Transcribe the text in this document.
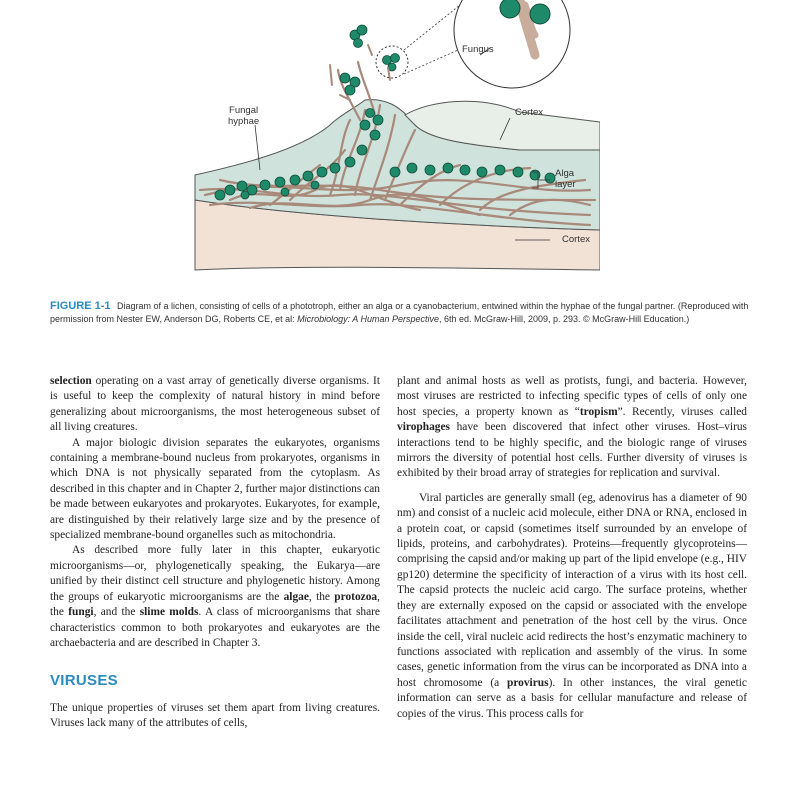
Fungus
Fungal
hyphae
Cortex
Alga
layer
Cortex
FIGURE 1-1 Diagram of a lichen, consisting of cells of a phototroph, either an alga or a cyanobacterium, entwined within the hyphae of the fungal partner. (Reproduced with permission from Nester EW, Anderson DG, Roberts CE, et al: Microbiology: A Human Perspective, 6th ed. McGraw-Hill, 2009, p. 293. © McGraw-Hill Education.)

selection operating on a vast array of genetically diverse organisms. It is useful to keep the complexity of natural history in mind before generalizing about microorganisms, the most heterogeneous subset of all living creatures.

A major biologic division separates the eukaryotes, organisms containing a membrane-bound nucleus from prokaryotes, organisms in which DNA is not physically separated from the cytoplasm. As described in this chapter and in Chapter 2, further major distinctions can be made between eukaryotes and prokaryotes. Eukaryotes, for example, are distinguished by their relatively large size and by the presence of specialized membrane-bound organelles such as mitochondria.

As described more fully later in this chapter, eukaryotic microorganisms—or, phylogenetically speaking, the Eukarya—are unified by their distinct cell structure and phylogenetic history. Among the groups of eukaryotic microorganisms are the algae, the protozoa, the fungi, and the slime molds. A class of microorganisms that share characteristics common to both prokaryotes and eukaryotes are the archaebacteria and are described in Chapter 3.

VIRUSES

The unique properties of viruses set them apart from living creatures. Viruses lack many of the attributes of cells,

plant and animal hosts as well as protists, fungi, and bacteria. However, most viruses are restricted to infecting specific types of cells of only one host species, a property known as “tropism”. Recently, viruses called virophages have been discovered that infect other viruses. Host–virus interactions tend to be highly specific, and the biologic range of viruses mirrors the diversity of potential host cells. Further diversity of viruses is exhibited by their broad array of strategies for replication and survival.

Viral particles are generally small (eg, adenovirus has a diameter of 90 nm) and consist of a nucleic acid molecule, either DNA or RNA, enclosed in a protein coat, or capsid (sometimes itself surrounded by an envelope of lipids, proteins, and carbohydrates). Proteins—frequently glycoproteins—comprising the capsid and/or making up part of the lipid envelope (e.g., HIV gp120) determine the specificity of interaction of a virus with its host cell. The capsid protects the nucleic acid cargo. The surface proteins, whether they are externally exposed on the capsid or associated with the envelope facilitates attachment and penetration of the host cell by the virus. Once inside the cell, viral nucleic acid redirects the host’s enzymatic machinery to functions associated with replication and assembly of the virus. In some cases, genetic information from the virus can be incorporated as DNA into a host chromosome (a provirus). In other instances, the viral genetic information can serve as a basis for cellular manufacture and release of copies of the virus. This process calls for
